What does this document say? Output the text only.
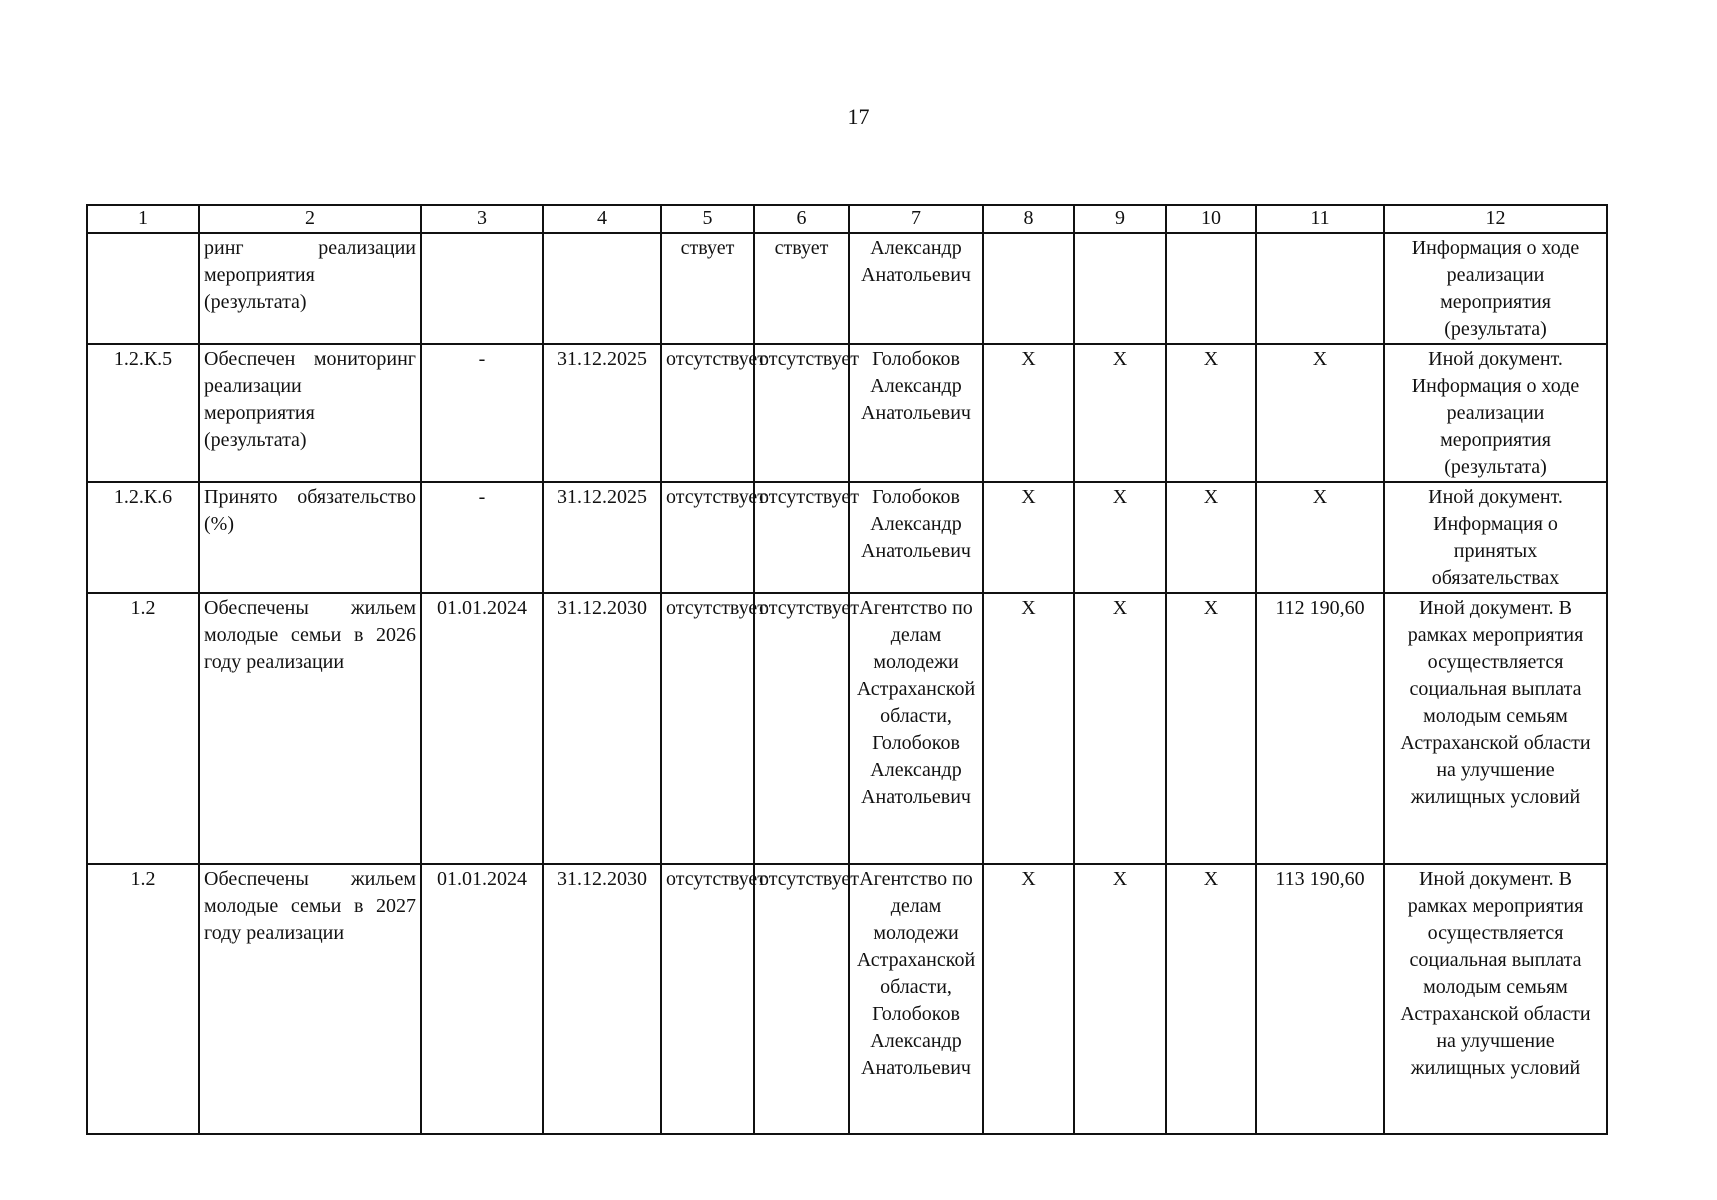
17
1	2	3	4	5	6	7	8	9	10	11	12
	ринг реализации мероприятия (результата)			ствует	ствует	Александр Анатольевич					Информация о ходе реализации мероприятия (результата)
1.2.К.5	Обеспечен мониторинг реализации мероприятия (результата)	-	31.12.2025	отсутствует	отсутствует	Голобоков Александр Анатольевич	X	X	X	X	Иной документ. Информация о ходе реализации мероприятия (результата)
1.2.К.6	Принято обязательство (%)	-	31.12.2025	отсутствует	отсутствует	Голобоков Александр Анатольевич	X	X	X	X	Иной документ. Информация о принятых обязательствах
1.2	Обеспечены жильем молодые семьи в 2026 году реализации	01.01.2024	31.12.2030	отсутствует	отсутствует	Агентство по делам молодежи Астраханской области, Голобоков Александр Анатольевич	X	X	X	112 190,60	Иной документ. В рамках мероприятия осуществляется социальная выплата молодым семьям Астраханской области на улучшение жилищных условий
1.2	Обеспечены жильем молодые семьи в 2027 году реализации	01.01.2024	31.12.2030	отсутствует	отсутствует	Агентство по делам молодежи Астраханской области, Голобоков Александр Анатольевич	X	X	X	113 190,60	Иной документ. В рамках мероприятия осуществляется социальная выплата молодым семьям Астраханской области на улучшение жилищных условий
